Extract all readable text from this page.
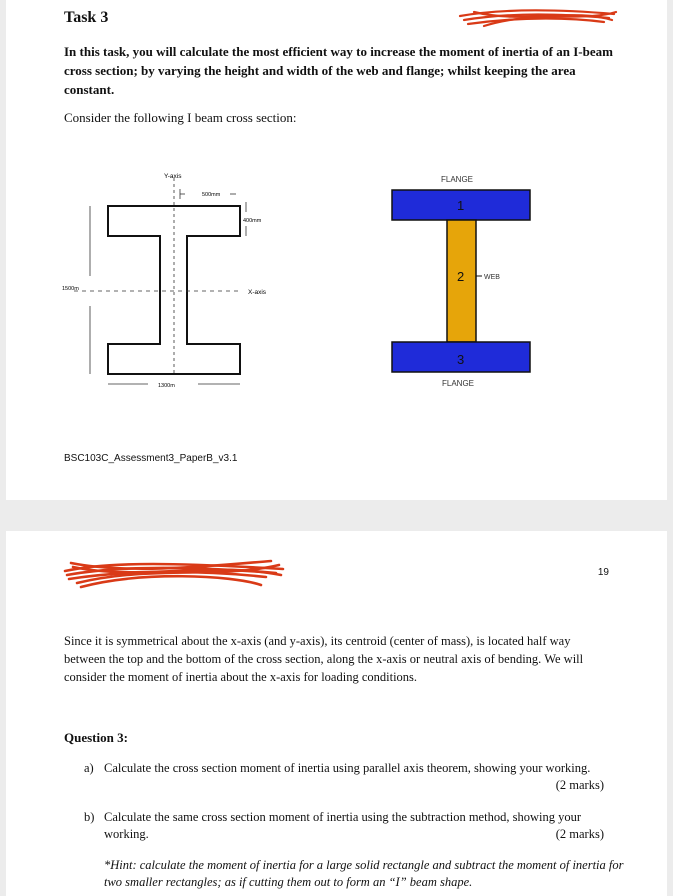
Task 3
In this task, you will calculate the most efficient way to increase the moment of inertia of an I-beam cross section; by varying the height and width of the web and flange; whilst keeping the area constant.
Consider the following I beam cross section:
Y-axis
X-axis
500mm
400mm
1500m
1300m
FLANGE
FLANGE
WEB
1
2
3
BSC103C_Assessment3_PaperB_v3.1
19
Since it is symmetrical about the x-axis (and y-axis), its centroid (center of mass), is located half way between the top and the bottom of the cross section, along the x-axis or neutral axis of bending. We will consider the moment of inertia about the x-axis for loading conditions.
Question 3:
a) Calculate the cross section moment of inertia using parallel axis theorem, showing your working.
(2 marks)
b) Calculate the same cross section moment of inertia using the subtraction method, showing your working.	(2 marks)
*Hint: calculate the moment of inertia for a large solid rectangle and subtract the moment of inertia for two smaller rectangles; as if cutting them out to form an “I” beam shape.
